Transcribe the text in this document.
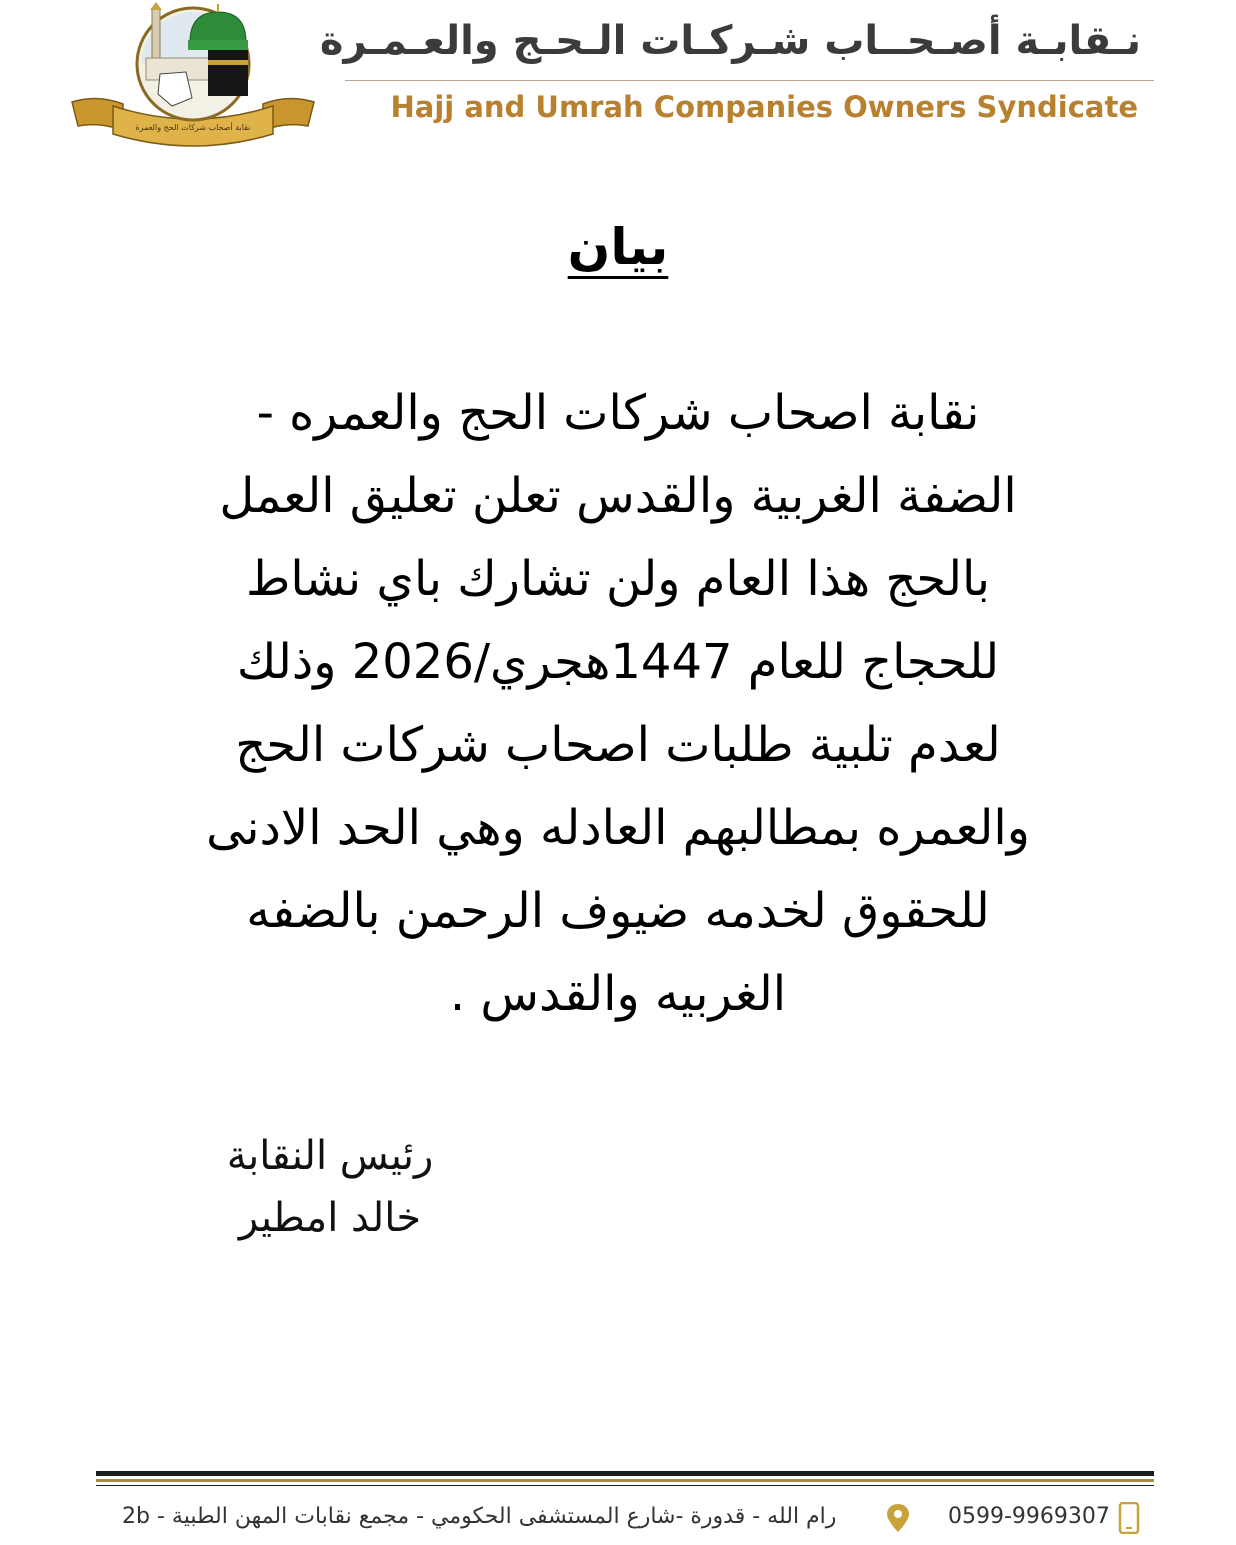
نقابة أصحاب شركات الحج والعمرة
نـقابـة أصـحــاب شـركـات الـحـج والعـمـرة
Hajj and Umrah Companies Owners Syndicate
بيان
نقابة اصحاب شركات الحج والعمره -
الضفة الغربية والقدس تعلن تعليق العمل
بالحج هذا العام ولن تشارك باي نشاط
للحجاج للعام 1447هجري/2026 وذلك
لعدم تلبية طلبات اصحاب شركات الحج
والعمره بمطالبهم العادله وهي الحد الادنى
للحقوق لخدمه ضيوف الرحمن بالضفه
الغربيه والقدس .
رئيس النقابة
خالد امطير
رام الله - قدورة -شارع المستشفى الحكومي - مجمع نقابات المهن الطبية - 2b	0599-9969307
